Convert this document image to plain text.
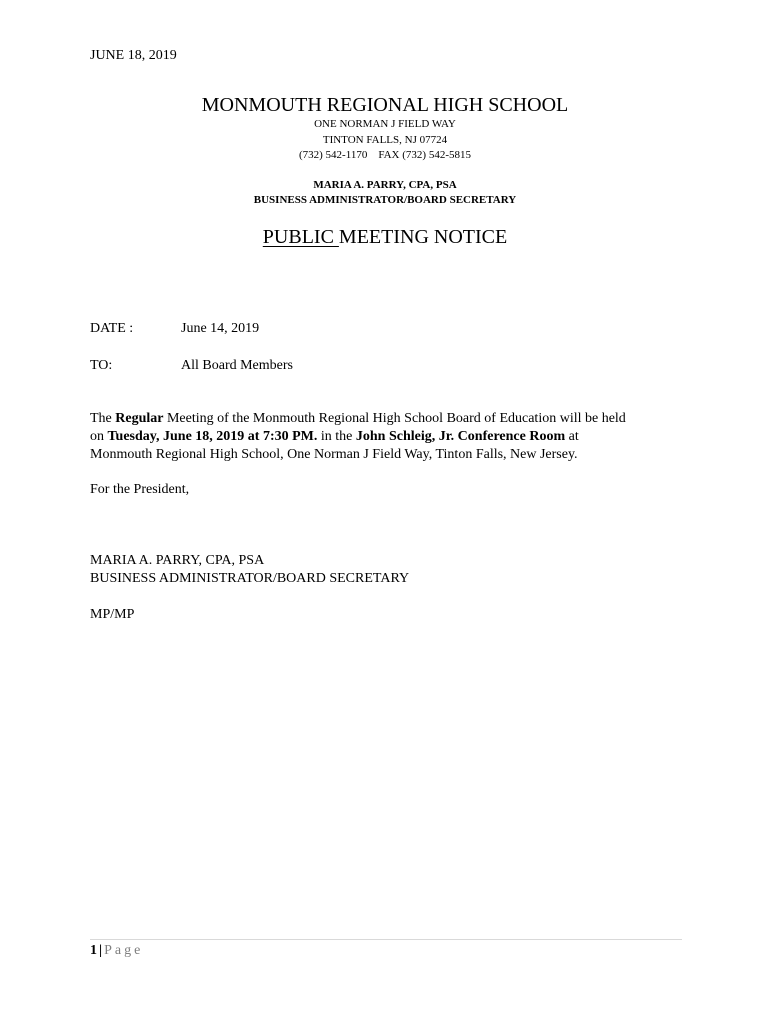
JUNE 18, 2019
MONMOUTH REGIONAL HIGH SCHOOL
ONE NORMAN J FIELD WAY
TINTON FALLS, NJ 07724
(732) 542-1170    FAX (732) 542-5815
MARIA A. PARRY, CPA, PSA
BUSINESS ADMINISTRATOR/BOARD SECRETARY
PUBLIC MEETING NOTICE
DATE :	June 14, 2019
TO:	All Board Members
The Regular Meeting of the Monmouth Regional High School Board of Education will be held
on Tuesday, June 18, 2019 at 7:30 PM. in the John Schleig, Jr. Conference Room at
Monmouth Regional High School, One Norman J Field Way, Tinton Falls, New Jersey.
For the President,
MARIA A. PARRY, CPA, PSA
BUSINESS ADMINISTRATOR/BOARD SECRETARY
MP/MP
1 | Page
